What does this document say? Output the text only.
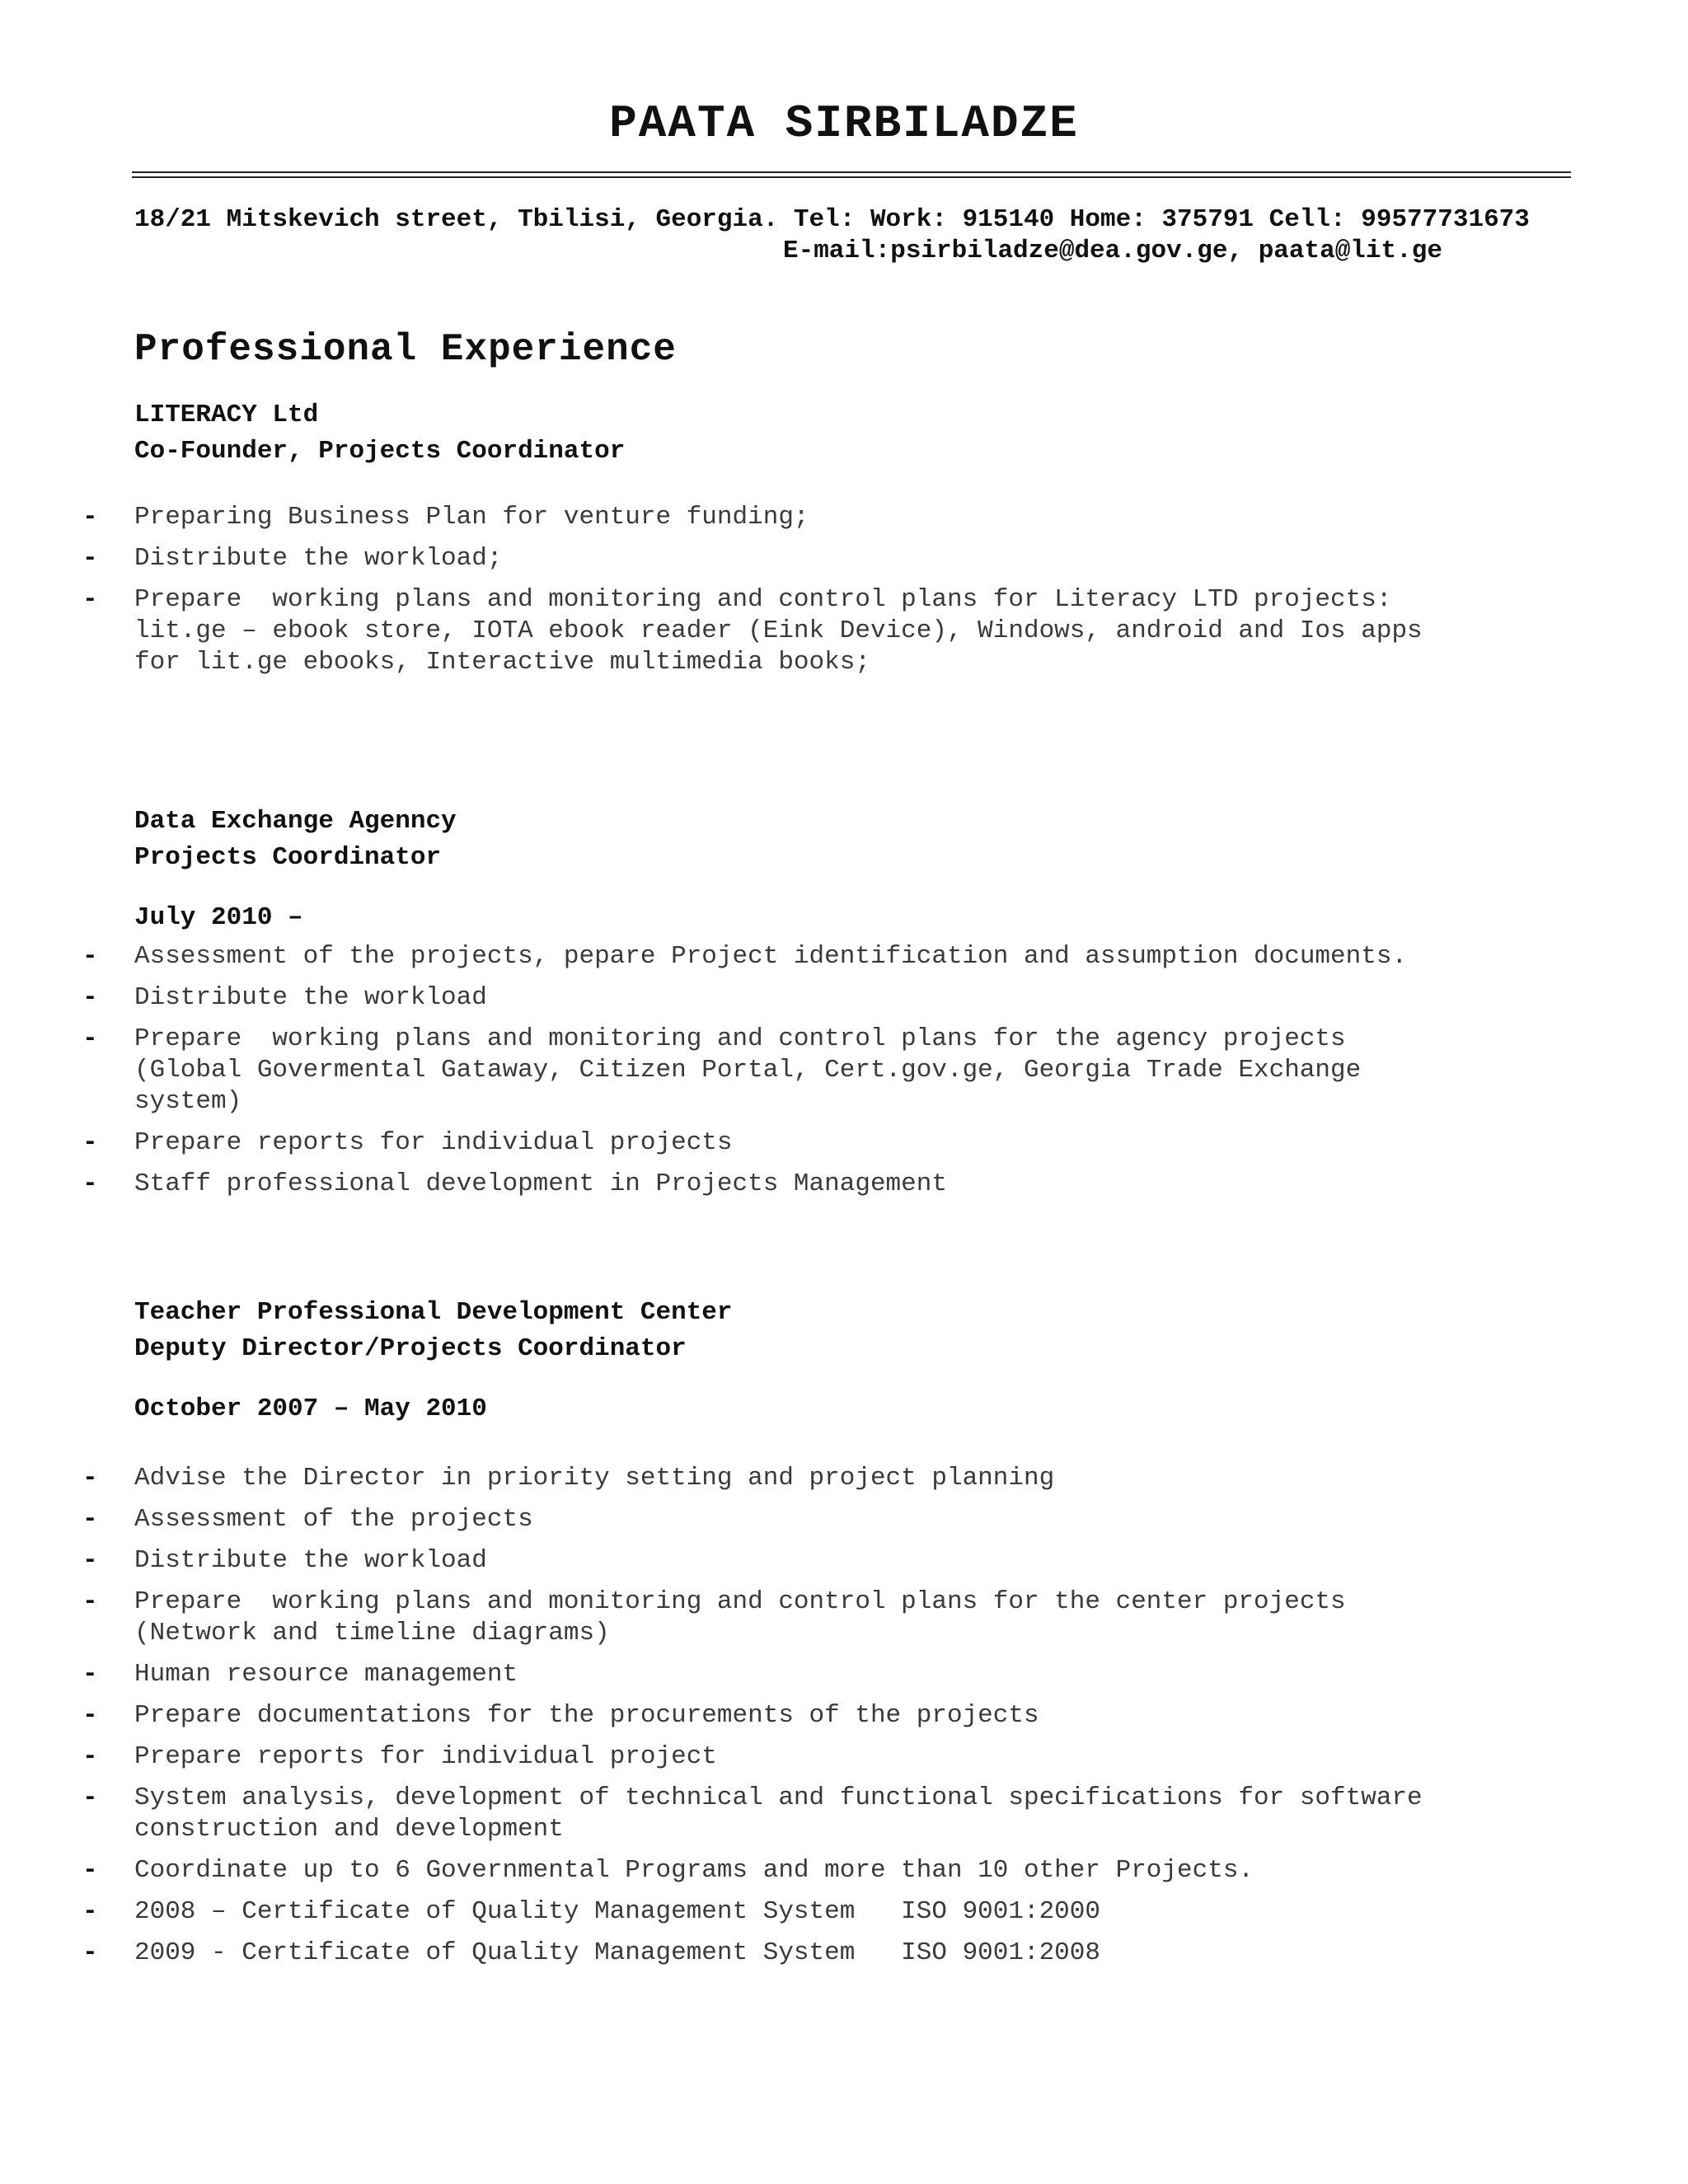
PAATA SIRBILADZE
18/21 Mitskevich street, Tbilisi, Georgia. Tel: Work: 915140 Home: 375791 Cell: 99577731673
E-mail:psirbiladze@dea.gov.ge, paata@lit.ge
Professional Experience
LITERACY Ltd
Co-Founder, Projects Coordinator
- Preparing Business Plan for venture funding;
- Distribute the workload;
- Prepare  working plans and monitoring and control plans for Literacy LTD projects:
lit.ge – ebook store, IOTA ebook reader (Eink Device), Windows, android and Ios apps
for lit.ge ebooks, Interactive multimedia books;
Data Exchange Agenncy
Projects Coordinator
July 2010 –
- Assessment of the projects, pepare Project identification and assumption documents.
- Distribute the workload
- Prepare  working plans and monitoring and control plans for the agency projects
(Global Govermental Gataway, Citizen Portal, Cert.gov.ge, Georgia Trade Exchange
system)
- Prepare reports for individual projects
- Staff professional development in Projects Management
Teacher Professional Development Center
Deputy Director/Projects Coordinator
October 2007 – May 2010
- Advise the Director in priority setting and project planning
- Assessment of the projects
- Distribute the workload
- Prepare  working plans and monitoring and control plans for the center projects
(Network and timeline diagrams)
- Human resource management
- Prepare documentations for the procurements of the projects
- Prepare reports for individual project
- System analysis, development of technical and functional specifications for software
construction and development
- Coordinate up to 6 Governmental Programs and more than 10 other Projects.
- 2008 – Certificate of Quality Management System   ISO 9001:2000
- 2009 - Certificate of Quality Management System   ISO 9001:2008
